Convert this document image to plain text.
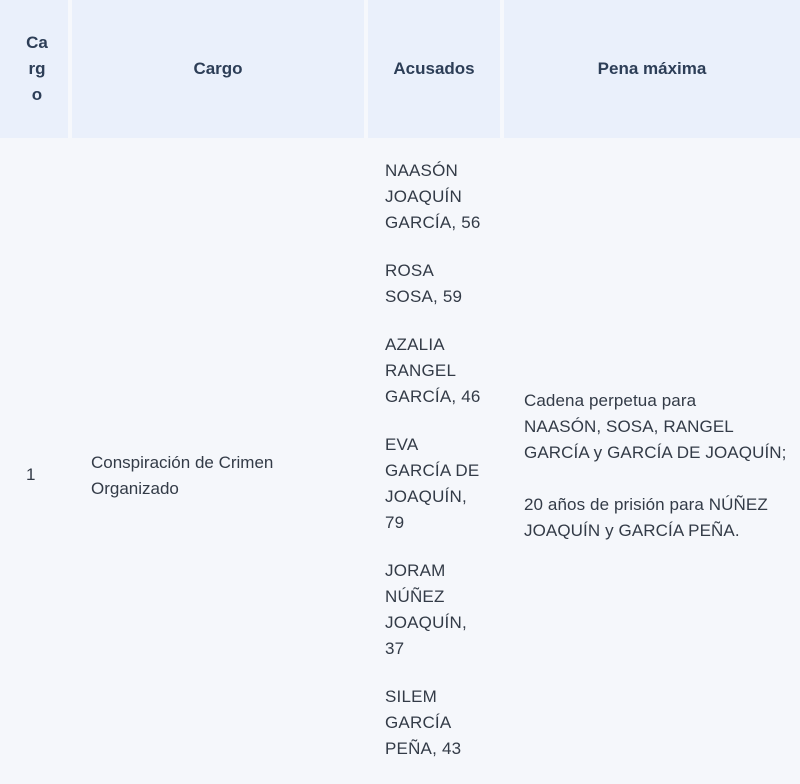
Ca
rg
o
Cargo	Acusados	Pena máxima
1
Conspiración de Crimen
Organizado
NAASÓN
JOAQUÍN
GARCÍA, 56
ROSA
SOSA, 59
AZALIA
RANGEL
GARCÍA, 46
EVA
GARCÍA DE
JOAQUÍN,
79
JORAM
NÚÑEZ
JOAQUÍN,
37
SILEM
GARCÍA
PEÑA, 43
Cadena perpetua para
NAASÓN, SOSA, RANGEL
GARCÍA y GARCÍA DE JOAQUÍN;
20 años de prisión para NÚÑEZ
JOAQUÍN y GARCÍA PEÑA.
